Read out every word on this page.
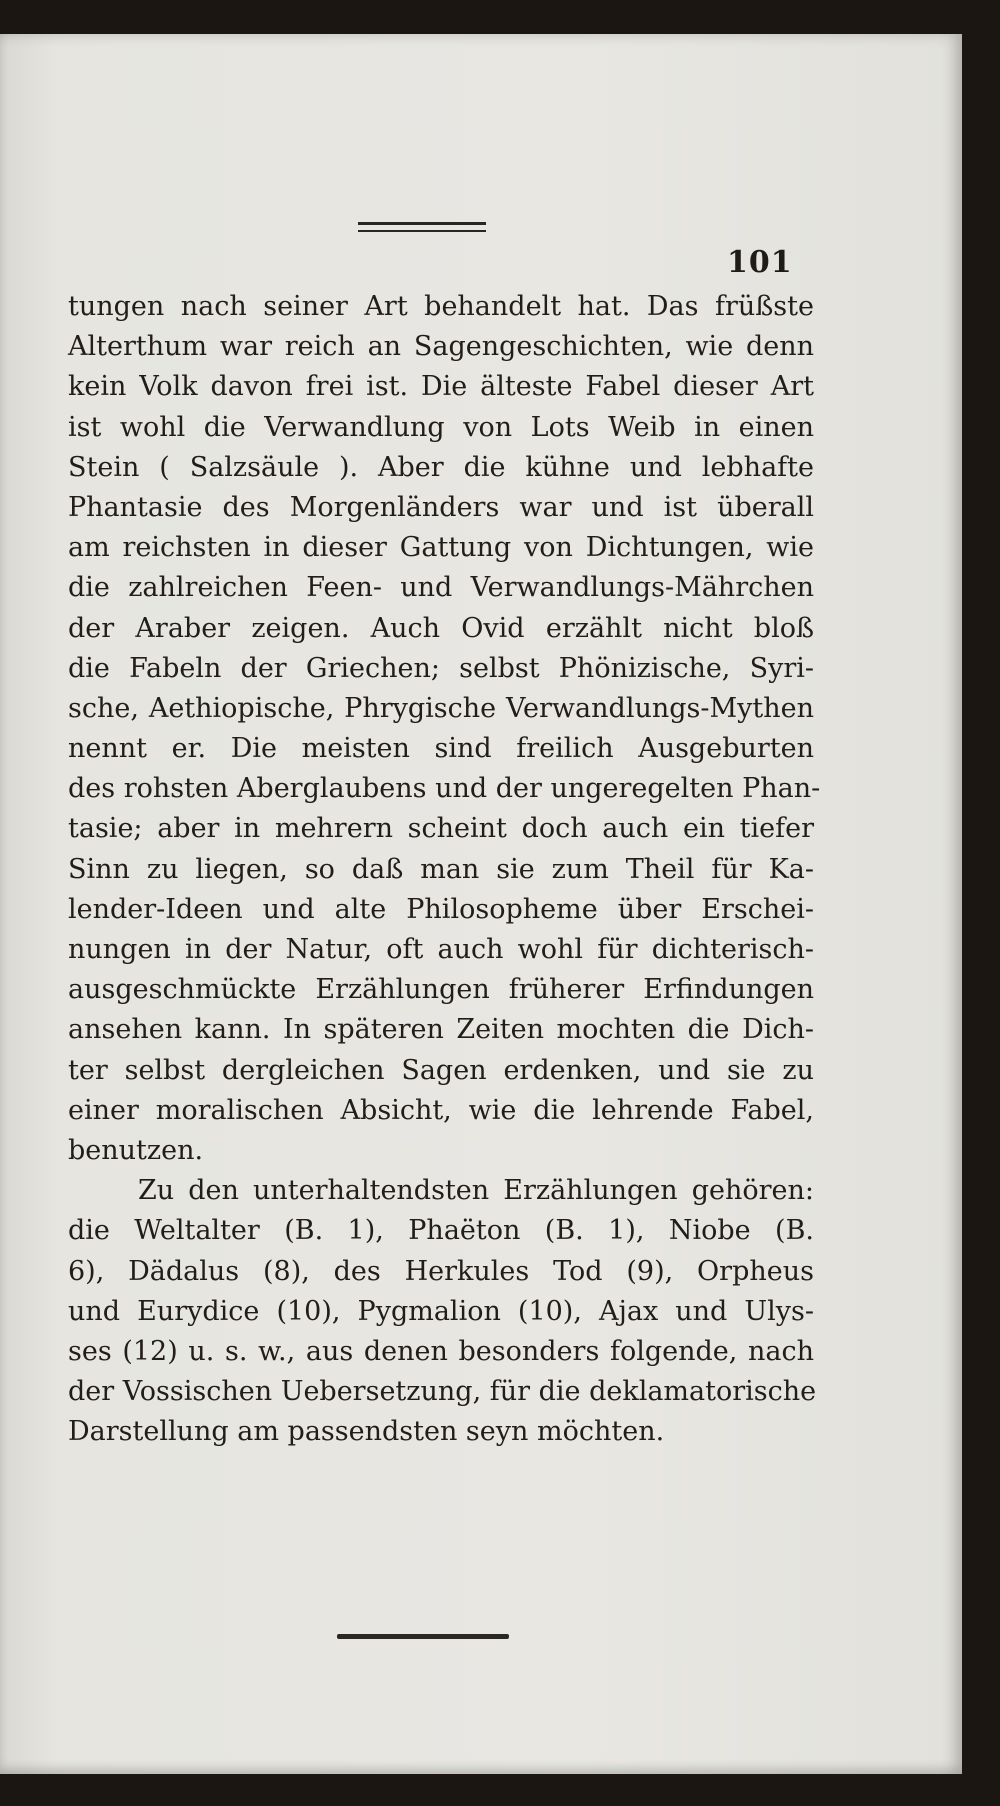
101
tungen nach seiner Art behandelt hat. Das früßste
Alterthum war reich an Sagengeschichten, wie denn
kein Volk davon frei ist. Die älteste Fabel dieser Art
ist wohl die Verwandlung von Lots Weib in einen
Stein ( Salzsäule ). Aber die kühne und lebhafte
Phantasie des Morgenländers war und ist überall
am reichsten in dieser Gattung von Dichtungen, wie
die zahlreichen Feen- und Verwandlungs-Mährchen
der Araber zeigen. Auch Ovid erzählt nicht bloß
die Fabeln der Griechen; selbst Phönizische, Syri-
sche, Aethiopische, Phrygische Verwandlungs-Mythen
nennt er. Die meisten sind freilich Ausgeburten
des rohsten Aberglaubens und der ungeregelten Phan-
tasie; aber in mehrern scheint doch auch ein tiefer
Sinn zu liegen, so daß man sie zum Theil für Ka-
lender-Ideen und alte Philosopheme über Erschei-
nungen in der Natur, oft auch wohl für dichterisch-
ausgeschmückte Erzählungen früherer Erfindungen
ansehen kann. In späteren Zeiten mochten die Dich-
ter selbst dergleichen Sagen erdenken, und sie zu
einer moralischen Absicht, wie die lehrende Fabel,
benutzen.
Zu den unterhaltendsten Erzählungen gehören:
die Weltalter (B. 1), Phaëton (B. 1), Niobe (B.
6), Dädalus (8), des Herkules Tod (9), Orpheus
und Eurydice (10), Pygmalion (10), Ajax und Ulys-
ses (12) u. s. w., aus denen besonders folgende, nach
der Vossischen Uebersetzung, für die deklamatorische
Darstellung am passendsten seyn möchten.
